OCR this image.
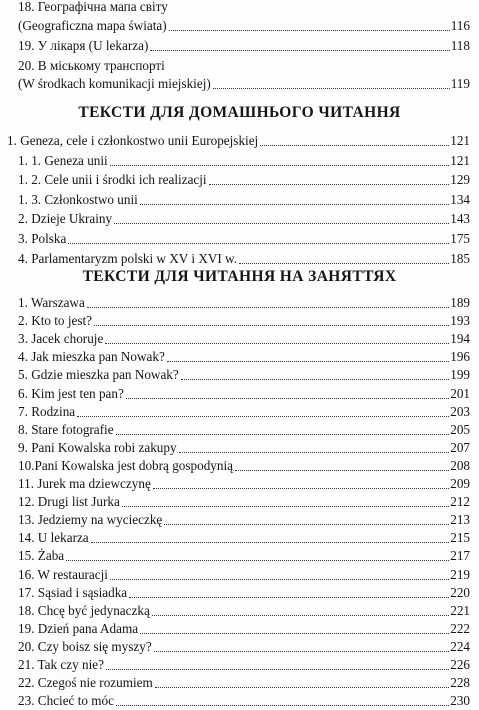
18. Географічна мапа світу
(Geograficzna mapa świata)	116
19. У лікаря (U lekarza)	118
20. В міському транспорті
(W środkach komunikacji miejskiej)	119
ТЕКСТИ ДЛЯ ДОМАШНЬОГО ЧИТАННЯ
1. Geneza, cele i członkostwo unii Europejskiej	121
1. 1. Geneza unii	121
1. 2. Cele unii i środki ich realizacji	129
1. 3. Członkostwo unii	134
2. Dzieje Ukrainy	143
3. Polska	175
4. Parlamentaryzm polski w XV i XVI w.	185
ТЕКСТИ ДЛЯ ЧИТАННЯ НА ЗАНЯТТЯХ
1. Warszawa	189
2. Kto to jest?	193
3. Jacek choruje	194
4. Jak mieszka pan Nowak?	196
5. Gdzie mieszka pan Nowak?	199
6. Kim jest ten pan?	201
7. Rodzina	203
8. Stare fotografie	205
9. Pani Kowalska robi zakupy	207
10.Pani Kowalska jest dobrą gospodynią	208
11. Jurek ma dziewczynę	209
12. Drugi list Jurka	212
13. Jedziemy na wycieczkę	213
14. U lekarza	215
15. Żaba	217
16. W restauracji	219
17. Sąsiad i sąsiadka	220
18. Chcę być jedynaczką	221
19. Dzień pana Adama	222
20. Czy boisz się myszy?	224
21. Tak czy nie?	226
22. Czegoś nie rozumiem	228
23. Chcieć to móc	230
